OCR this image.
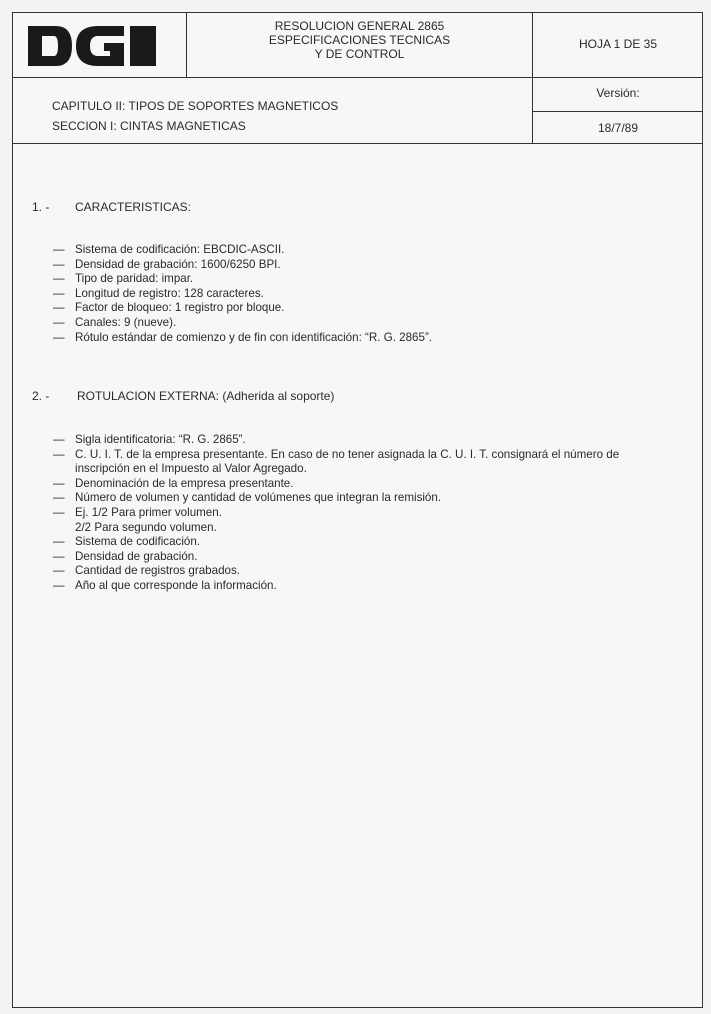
RESOLUCION GENERAL 2865
ESPECIFICACIONES TECNICAS
Y DE CONTROL
HOJA 1 DE 35
Versión:
18/7/89
CAPITULO II: TIPOS DE SOPORTES MAGNETICOS
SECCION I: CINTAS MAGNETICAS
1. - CARACTERISTICAS:
— Sistema de codificación: EBCDIC-ASCII.
— Densidad de grabación: 1600/6250 BPI.
— Tipo de paridad: impar.
— Longitud de registro: 128 caracteres.
— Factor de bloqueo: 1 registro por bloque.
— Canales: 9 (nueve).
— Rótulo estándar de comienzo y de fin con identificación: “R. G. 2865”.
2. - ROTULACION EXTERNA: (Adherida al soporte)
— Sigla identificatoria: “R. G. 2865”.
— C. U. I. T. de la empresa presentante. En caso de no tener asignada la C. U. I. T. consignará el número de
inscripción en el Impuesto al Valor Agregado.
— Denominación de la empresa presentante.
— Número de volumen y cantidad de volúmenes que integran la remisión.
— Ej. 1/2 Para primer volumen.
2/2 Para segundo volumen.
— Sistema de codificación.
— Densidad de grabación.
— Cantidad de registros grabados.
— Año al que corresponde la información.
